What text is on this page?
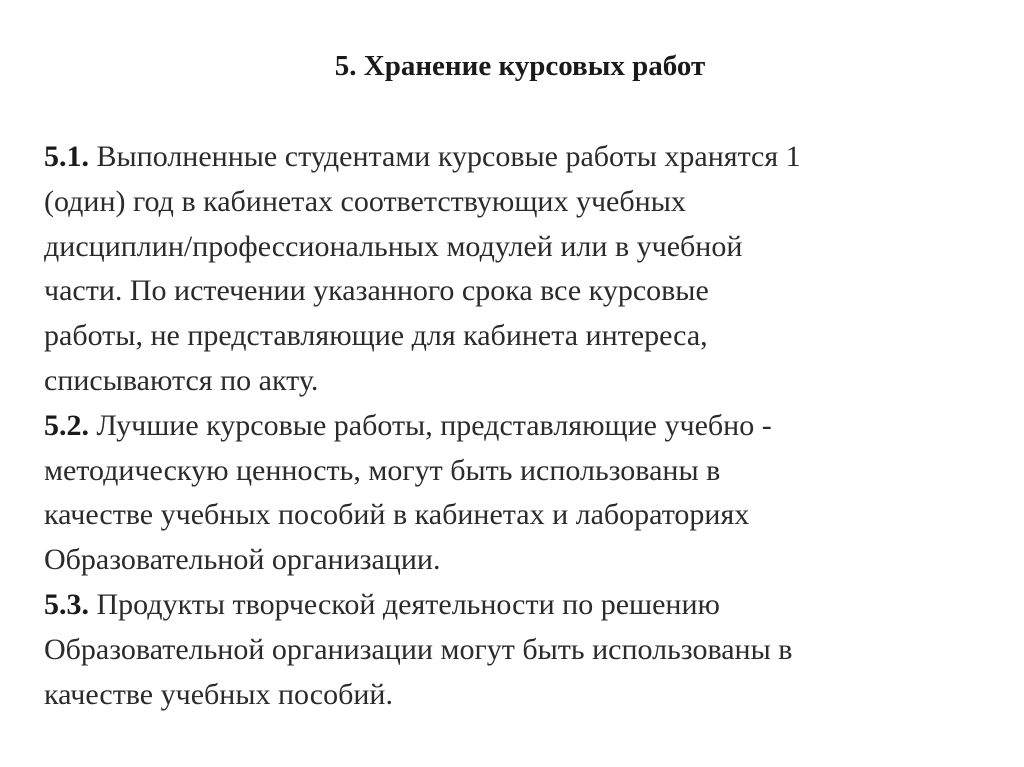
5. Хранение курсовых работ
5.1. Выполненные студентами курсовые работы хранятся 1
(один) год в кабинетах соответствующих учебных
дисциплин/профессиональных модулей или в учебной
части. По истечении указанного срока все курсовые
работы, не представляющие для кабинета интереса,
списываются по акту.
5.2. Лучшие курсовые работы, представляющие учебно -
методическую ценность, могут быть использованы в
качестве учебных пособий в кабинетах и лабораториях
Образовательной организации.
5.3. Продукты творческой деятельности по решению
Образовательной организации могут быть использованы в
качестве учебных пособий.
